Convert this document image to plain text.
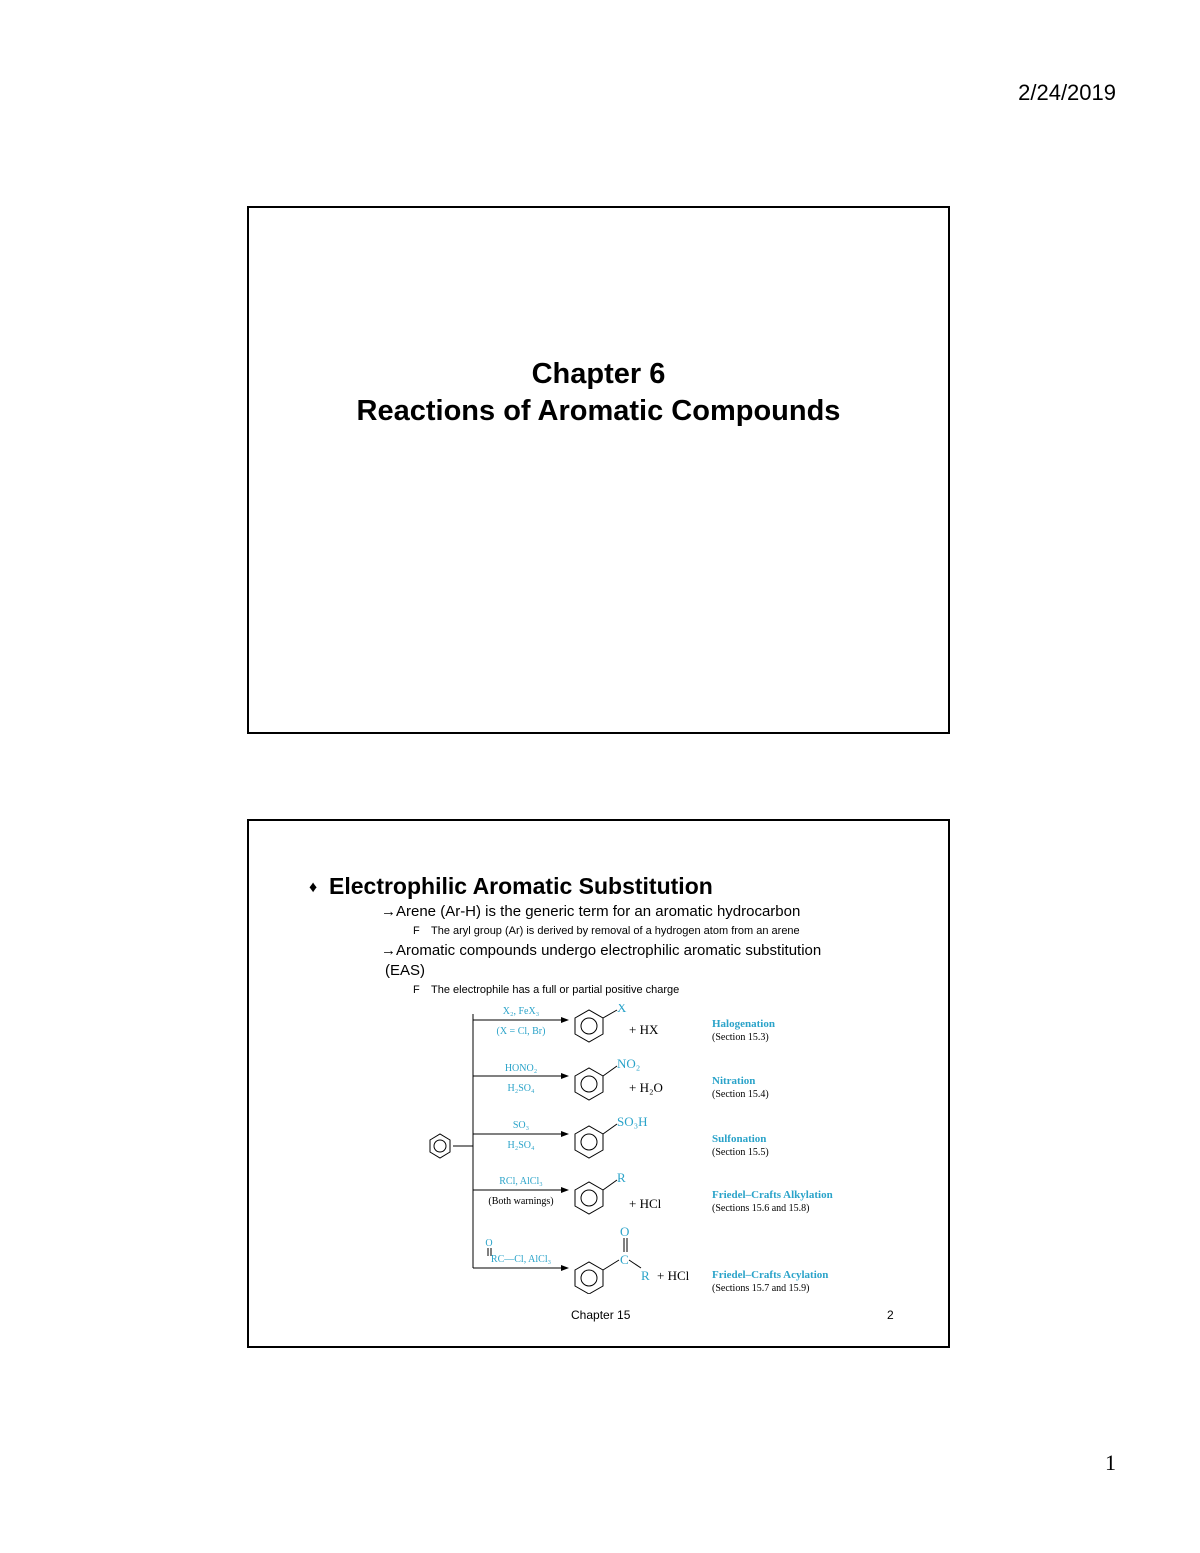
2/24/2019
Chapter 6
Reactions of Aromatic Compounds
♦ Electrophilic Aromatic Substitution
→Arene (Ar-H) is the generic term for an aromatic hydrocarbon
F The aryl group (Ar) is derived by removal of a hydrogen atom from an arene
→Aromatic compounds undergo electrophilic aromatic substitution
(EAS)
F The electrophile has a full or partial positive charge
X₂, FeX₃
(X = Cl, Br)
HONO₂
H₂SO₄
SO₃
H₂SO₄
RCl, AlCl₃
RC—Cl, AlCl₃
O
(Both warnings)
X
NO₂
SO₃H
R
O
C
R
+ HX
+ H₂O
+ HCl
+ HCl
Halogenation
Nitration
Sulfonation
Friedel–Crafts Alkylation
Friedel–Crafts Acylation
(Section 15.3)
(Section 15.4)
(Section 15.5)
(Sections 15.6 and 15.8)
(Sections 15.7 and 15.9)
Chapter 15	2
1
